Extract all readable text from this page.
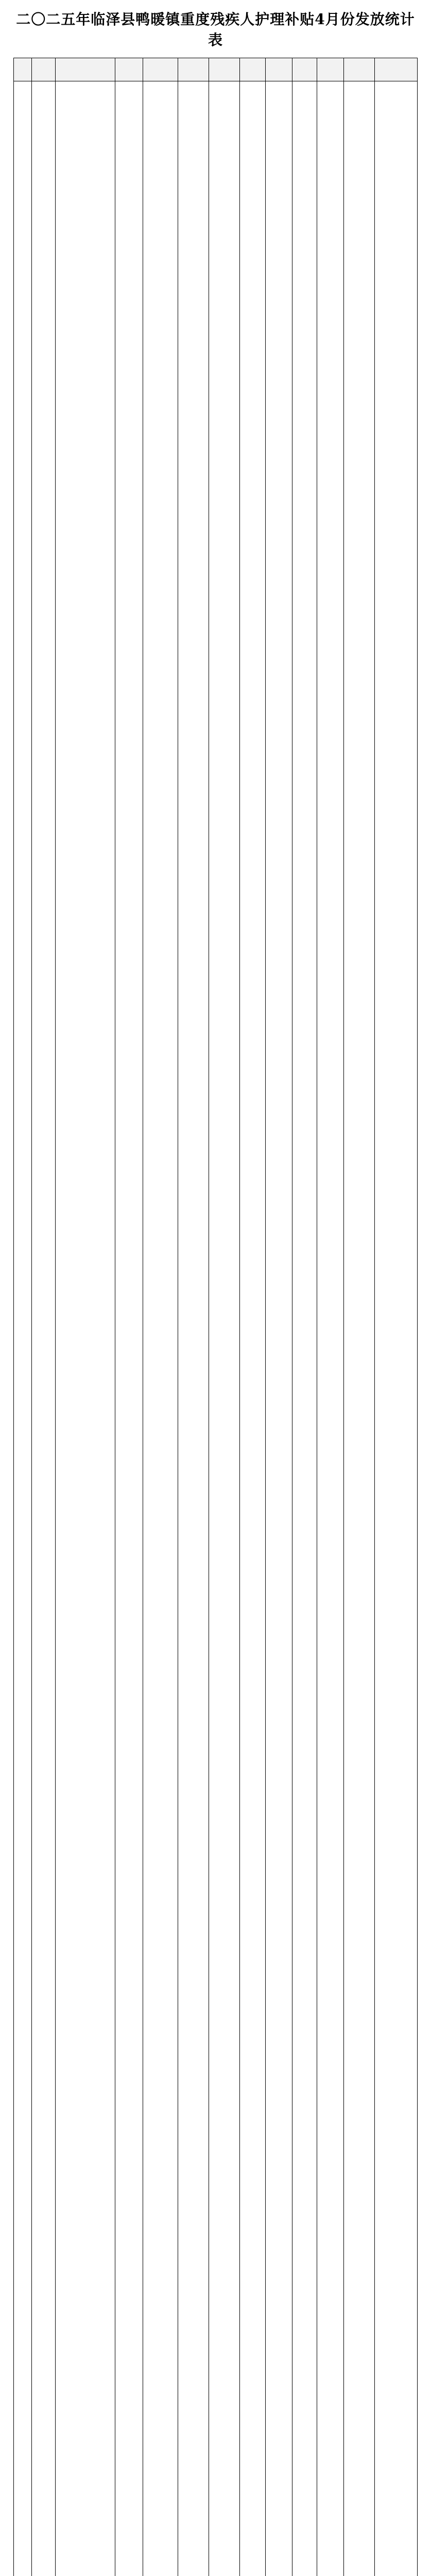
二〇二五年临泽县鸭暖镇重度残疾人护理补贴4月份发放统计表
